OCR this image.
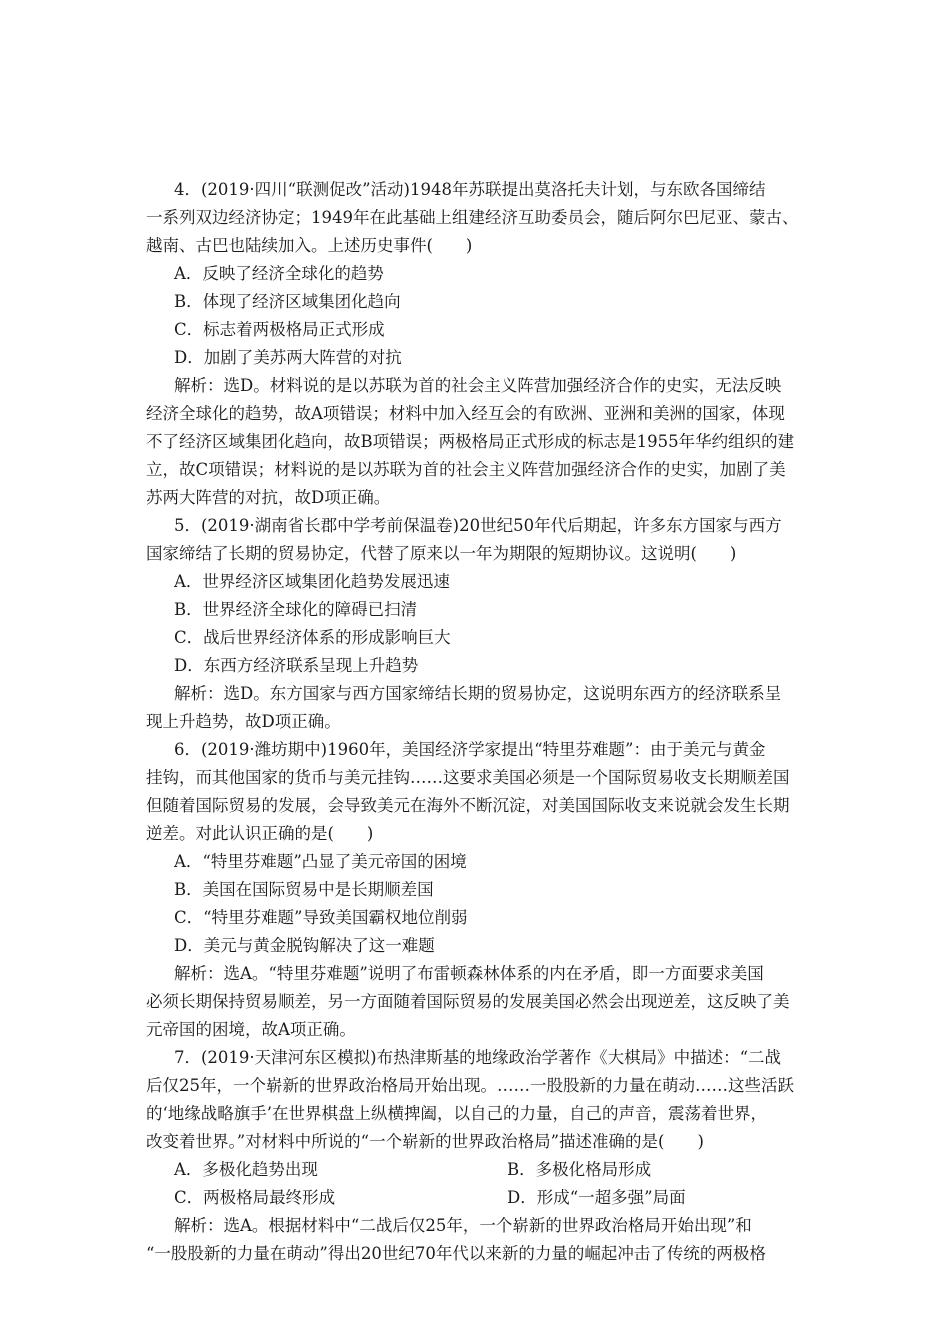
4．(2019·四川“联测促改”活动)1948年苏联提出莫洛托夫计划，与东欧各国缔结
一系列双边经济协定；1949年在此基础上组建经济互助委员会，随后阿尔巴尼亚、蒙古、
越南、古巴也陆续加入。上述历史事件(　　)
A．反映了经济全球化的趋势
B．体现了经济区域集团化趋向
C．标志着两极格局正式形成
D．加剧了美苏两大阵营的对抗
解析：选D。材料说的是以苏联为首的社会主义阵营加强经济合作的史实，无法反映
经济全球化的趋势，故A项错误；材料中加入经互会的有欧洲、亚洲和美洲的国家，体现
不了经济区域集团化趋向，故B项错误；两极格局正式形成的标志是1955年华约组织的建
立，故C项错误；材料说的是以苏联为首的社会主义阵营加强经济合作的史实，加剧了美
苏两大阵营的对抗，故D项正确。
5．(2019·湖南省长郡中学考前保温卷)20世纪50年代后期起，许多东方国家与西方
国家缔结了长期的贸易协定，代替了原来以一年为期限的短期协议。这说明(　　)
A．世界经济区域集团化趋势发展迅速
B．世界经济全球化的障碍已扫清
C．战后世界经济体系的形成影响巨大
D．东西方经济联系呈现上升趋势
解析：选D。东方国家与西方国家缔结长期的贸易协定，这说明东西方的经济联系呈
现上升趋势，故D项正确。
6．(2019·潍坊期中)1960年，美国经济学家提出“特里芬难题”：由于美元与黄金
挂钩，而其他国家的货币与美元挂钩……这要求美国必须是一个国际贸易收支长期顺差国
但随着国际贸易的发展，会导致美元在海外不断沉淀，对美国国际收支来说就会发生长期
逆差。对此认识正确的是(　　)
A．“特里芬难题”凸显了美元帝国的困境
B．美国在国际贸易中是长期顺差国
C．“特里芬难题”导致美国霸权地位削弱
D．美元与黄金脱钩解决了这一难题
解析：选A。“特里芬难题”说明了布雷顿森林体系的内在矛盾，即一方面要求美国
必须长期保持贸易顺差，另一方面随着国际贸易的发展美国必然会出现逆差，这反映了美
元帝国的困境，故A项正确。
7．(2019·天津河东区模拟)布热津斯基的地缘政治学著作《大棋局》中描述：“二战
后仅25年，一个崭新的世界政治格局开始出现。……一股股新的力量在萌动……这些活跃
的‘地缘战略旗手’在世界棋盘上纵横捭阖，以自己的力量，自己的声音，震荡着世界，
改变着世界。”对材料中所说的“一个崭新的世界政治格局”描述准确的是(　　)
A．多极化趋势出现	B．多极化格局形成
C．两极格局最终形成	D．形成“一超多强”局面
解析：选A。根据材料中“二战后仅25年，一个崭新的世界政治格局开始出现”和
“一股股新的力量在萌动”得出20世纪70年代以来新的力量的崛起冲击了传统的两极格
